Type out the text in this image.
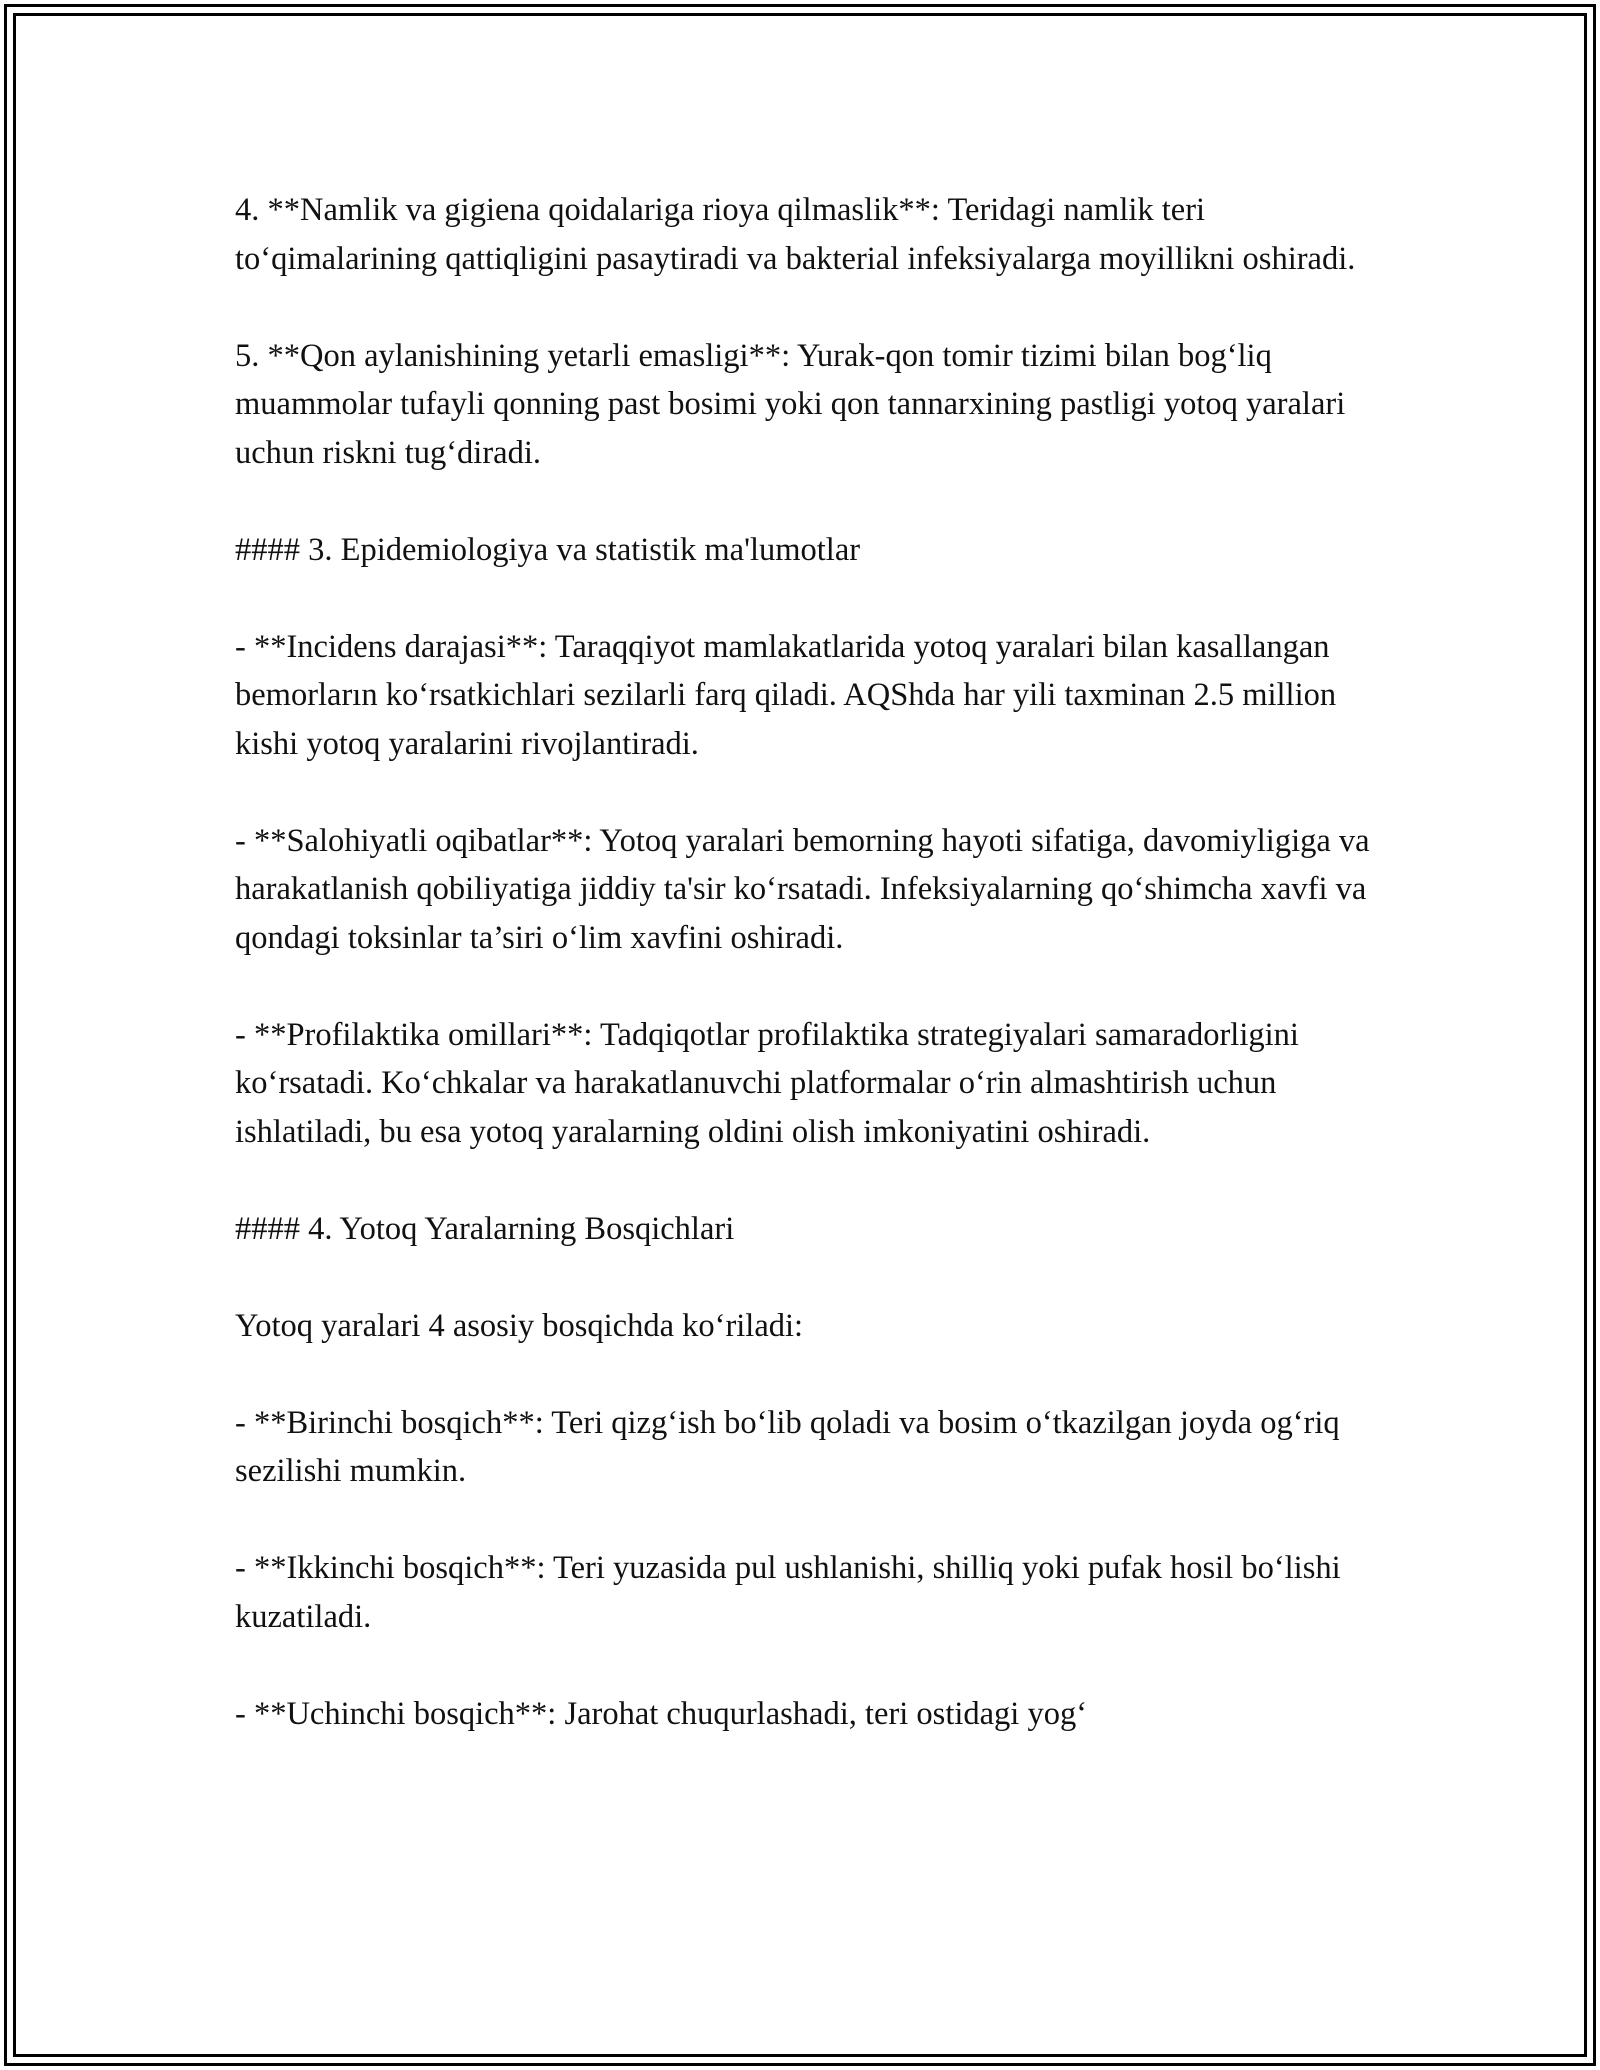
4. **Namlik va gigiena qoidalariga rioya qilmaslik**: Teridagi namlik teri to‘qimalarining qattiqligini pasaytiradi va bakterial infeksiyalarga moyillikni oshiradi.

5. **Qon aylanishining yetarli emasligi**: Yurak-qon tomir tizimi bilan bog‘liq muammolar tufayli qonning past bosimi yoki qon tannarxining pastligi yotoq yaralari uchun riskni tug‘diradi.

#### 3. Epidemiologiya va statistik ma'lumotlar

- **Incidens darajasi**: Taraqqiyot mamlakatlarida yotoq yaralari bilan kasallangan bemorların ko‘rsatkichlari sezilarli farq qiladi. AQShda har yili taxminan 2.5 million kishi yotoq yaralarini rivojlantiradi.

- **Salohiyatli oqibatlar**: Yotoq yaralari bemorning hayoti sifatiga, davomiyligiga va harakatlanish qobiliyatiga jiddiy ta'sir ko‘rsatadi. Infeksiyalarning qo‘shimcha xavfi va qondagi toksinlar ta’siri o‘lim xavfini oshiradi.

- **Profilaktika omillari**: Tadqiqotlar profilaktika strategiyalari samaradorligini ko‘rsatadi. Ko‘chkalar va harakatlanuvchi platformalar o‘rin almashtirish uchun ishlatiladi, bu esa yotoq yaralarning oldini olish imkoniyatini oshiradi.

#### 4. Yotoq Yaralarning Bosqichlari

Yotoq yaralari 4 asosiy bosqichda ko‘riladi:

- **Birinchi bosqich**: Teri qizg‘ish bo‘lib qoladi va bosim o‘tkazilgan joyda og‘riq sezilishi mumkin.

- **Ikkinchi bosqich**: Teri yuzasida pul ushlanishi, shilliq yoki pufak hosil bo‘lishi kuzatiladi.

- **Uchinchi bosqich**: Jarohat chuqurlashadi, teri ostidagi yog‘
